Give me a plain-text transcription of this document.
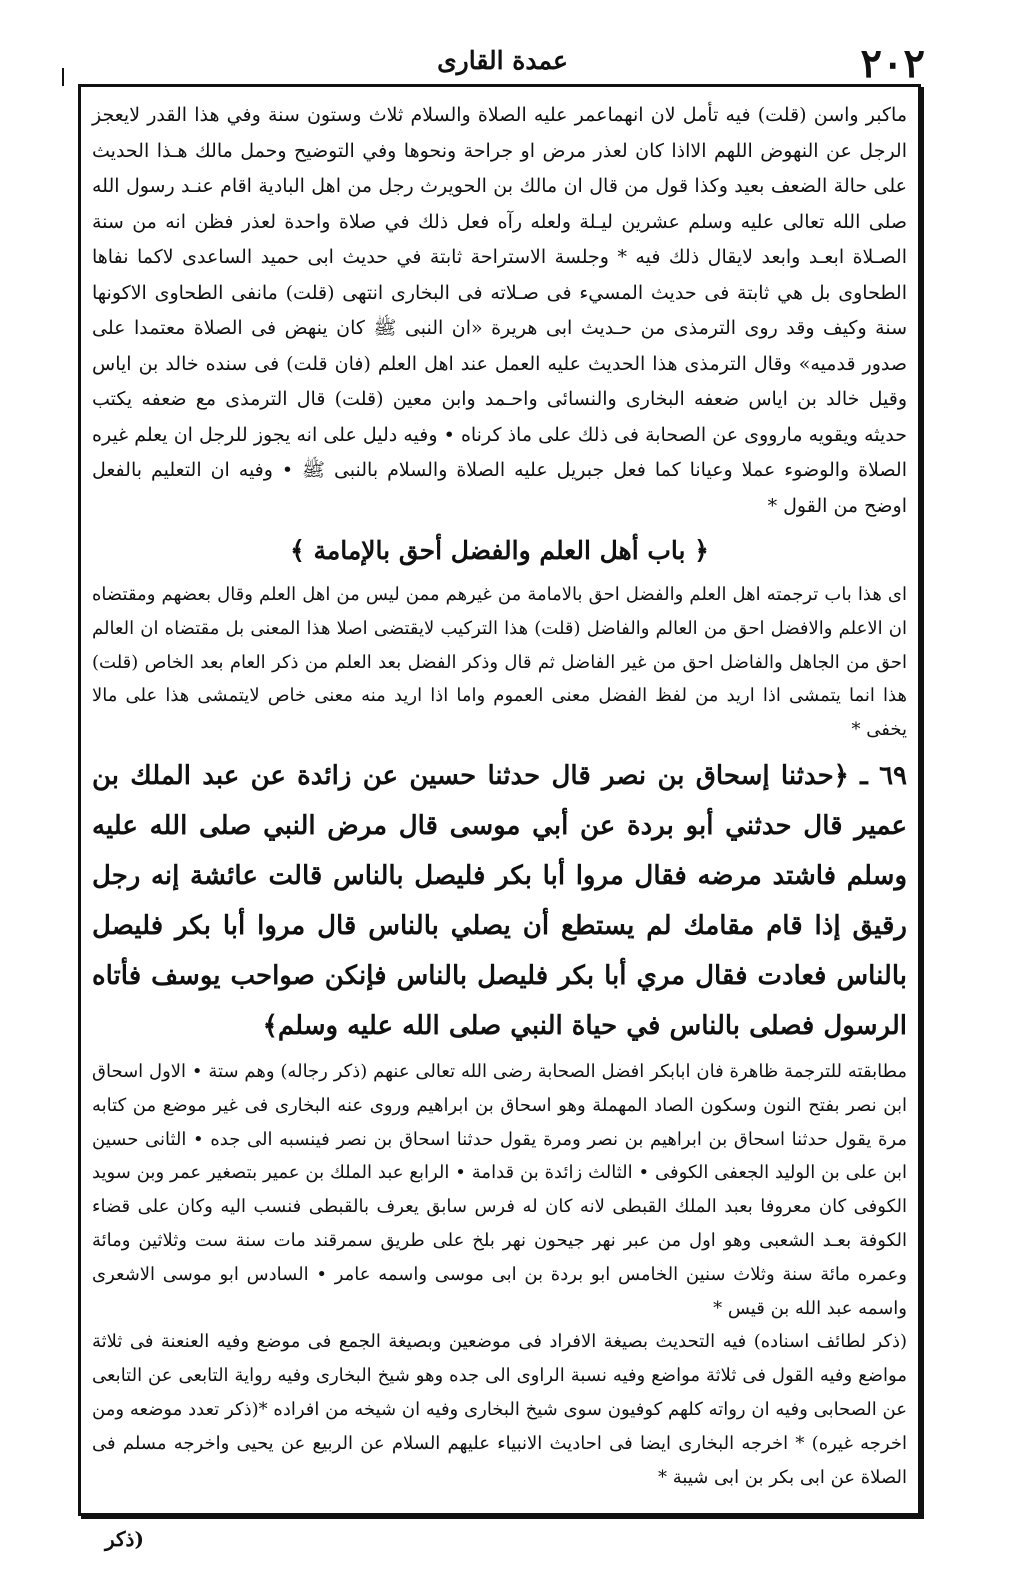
۲۰۲
عمدة القارى

ماكبر واسن (قلت) فيه تأمل لان انهماعمر عليه الصلاة والسلام ثلاث وستون سنة وفي هذا القدر لايعجز الرجل عن النهوض اللهم الااذا كان لعذر مرض او جراحة ونحوها وفي التوضيح وحمل مالك هـذا الحديث على حالة الضعف بعيد وكذا قول من قال ان مالك بن الحويرث رجل من اهل البادية اقام عنـد رسول الله صلى الله تعالى عليه وسلم عشرين ليـلة ولعله رآه فعل ذلك في صلاة واحدة لعذر فظن انه من سنة الصـلاة ابعـد وابعد لايقال ذلك فيه * وجلسة الاستراحة ثابتة في حديث ابى حميد الساعدى لاكما نفاها الطحاوى بل هي ثابتة فى حديث المسيء فى صـلاته فى البخارى انتهى (قلت) مانفى الطحاوى الاكونها سنة وكيف وقد روى الترمذى من حـديث ابى هريرة «ان النبى ﷺ كان ينهض فى الصلاة معتمدا على صدور قدميه» وقال الترمذى هذا الحديث عليه العمل عند اهل العلم (فان قلت) فى سنده خالد بن اياس وقيل خالد بن اياس ضعفه البخارى والنسائى واحـمد وابن معين (قلت) قال الترمذى مع ضعفه يكتب حديثه ويقويه مارووى عن الصحابة فى ذلك على ماذ كرناه • وفيه دليل على انه يجوز للرجل ان يعلم غيره الصلاة والوضوء عملا وعيانا كما فعل جبريل عليه الصلاة والسلام بالنبى ﷺ • وفيه ان التعليم بالفعل اوضح من القول *

﴿ باب أهل العلم والفضل أحق بالإمامة ﴾

اى هذا باب ترجمته اهل العلم والفضل احق بالامامة من غيرهم ممن ليس من اهل العلم وقال بعضهم ومقتضاه ان الاعلم والافضل احق من العالم والفاضل (قلت) هذا التركيب لايقتضى اصلا هذا المعنى بل مقتضاه ان العالم احق من الجاهل والفاضل احق من غير الفاضل ثم قال وذكر الفضل بعد العلم من ذكر العام بعد الخاص (قلت) هذا انما يتمشى اذا اريد من لفظ الفضل معنى العموم واما اذا اريد منه معنى خاص لايتمشى هذا على مالا يخفى *

٦٩ ـ ﴿حدثنا إسحاق بن نصر قال حدثنا حسين عن زائدة عن عبد الملك بن عمير قال حدثني أبو بردة عن أبي موسى قال مرض النبي صلى الله عليه وسلم فاشتد مرضه فقال مروا أبا بكر فليصل بالناس قالت عائشة إنه رجل رقيق إذا قام مقامك لم يستطع أن يصلي بالناس قال مروا أبا بكر فليصل بالناس فعادت فقال مري أبا بكر فليصل بالناس فإنكن صواحب يوسف فأتاه الرسول فصلى بالناس في حياة النبي صلى الله عليه وسلم﴾

مطابقته للترجمة ظاهرة فان ابابكر افضل الصحابة رضى الله تعالى عنهم (ذكر رجاله) وهم ستة • الاول اسحاق ابن نصر بفتح النون وسكون الصاد المهملة وهو اسحاق بن ابراهيم وروى عنه البخارى فى غير موضع من كتابه مرة يقول حدثنا اسحاق بن ابراهيم بن نصر ومرة يقول حدثنا اسحاق بن نصر فينسبه الى جده • الثانى حسين ابن على بن الوليد الجعفى الكوفى • الثالث زائدة بن قدامة • الرابع عبد الملك بن عمير بتصغير عمر وبن سويد الكوفى كان معروفا بعبد الملك القبطى لانه كان له فرس سابق يعرف بالقبطى فنسب اليه وكان على قضاء الكوفة بعـد الشعبى وهو اول من عبر نهر جيحون نهر بلخ على طريق سمرقند مات سنة ست وثلاثين ومائة وعمره مائة سنة وثلاث سنين الخامس ابو بردة بن ابى موسى واسمه عامر • السادس ابو موسى الاشعرى واسمه عبد الله بن قيس *

(ذكر لطائف اسناده) فيه التحديث بصيغة الافراد فى موضعين وبصيغة الجمع فى موضع وفيه العنعنة فى ثلاثة مواضع وفيه القول فى ثلاثة مواضع وفيه نسبة الراوى الى جده وهو شيخ البخارى وفيه رواية التابعى عن التابعى عن الصحابى وفيه ان رواته كلهم كوفيون سوى شيخ البخارى وفيه ان شيخه من افراده *(ذكر تعدد موضعه ومن اخرجه غيره) * اخرجه البخارى ايضا فى احاديث الانبياء عليهم السلام عن الربيع عن يحيى واخرجه مسلم فى الصلاة عن ابى بكر بن ابى شيبة *

(ذكر
